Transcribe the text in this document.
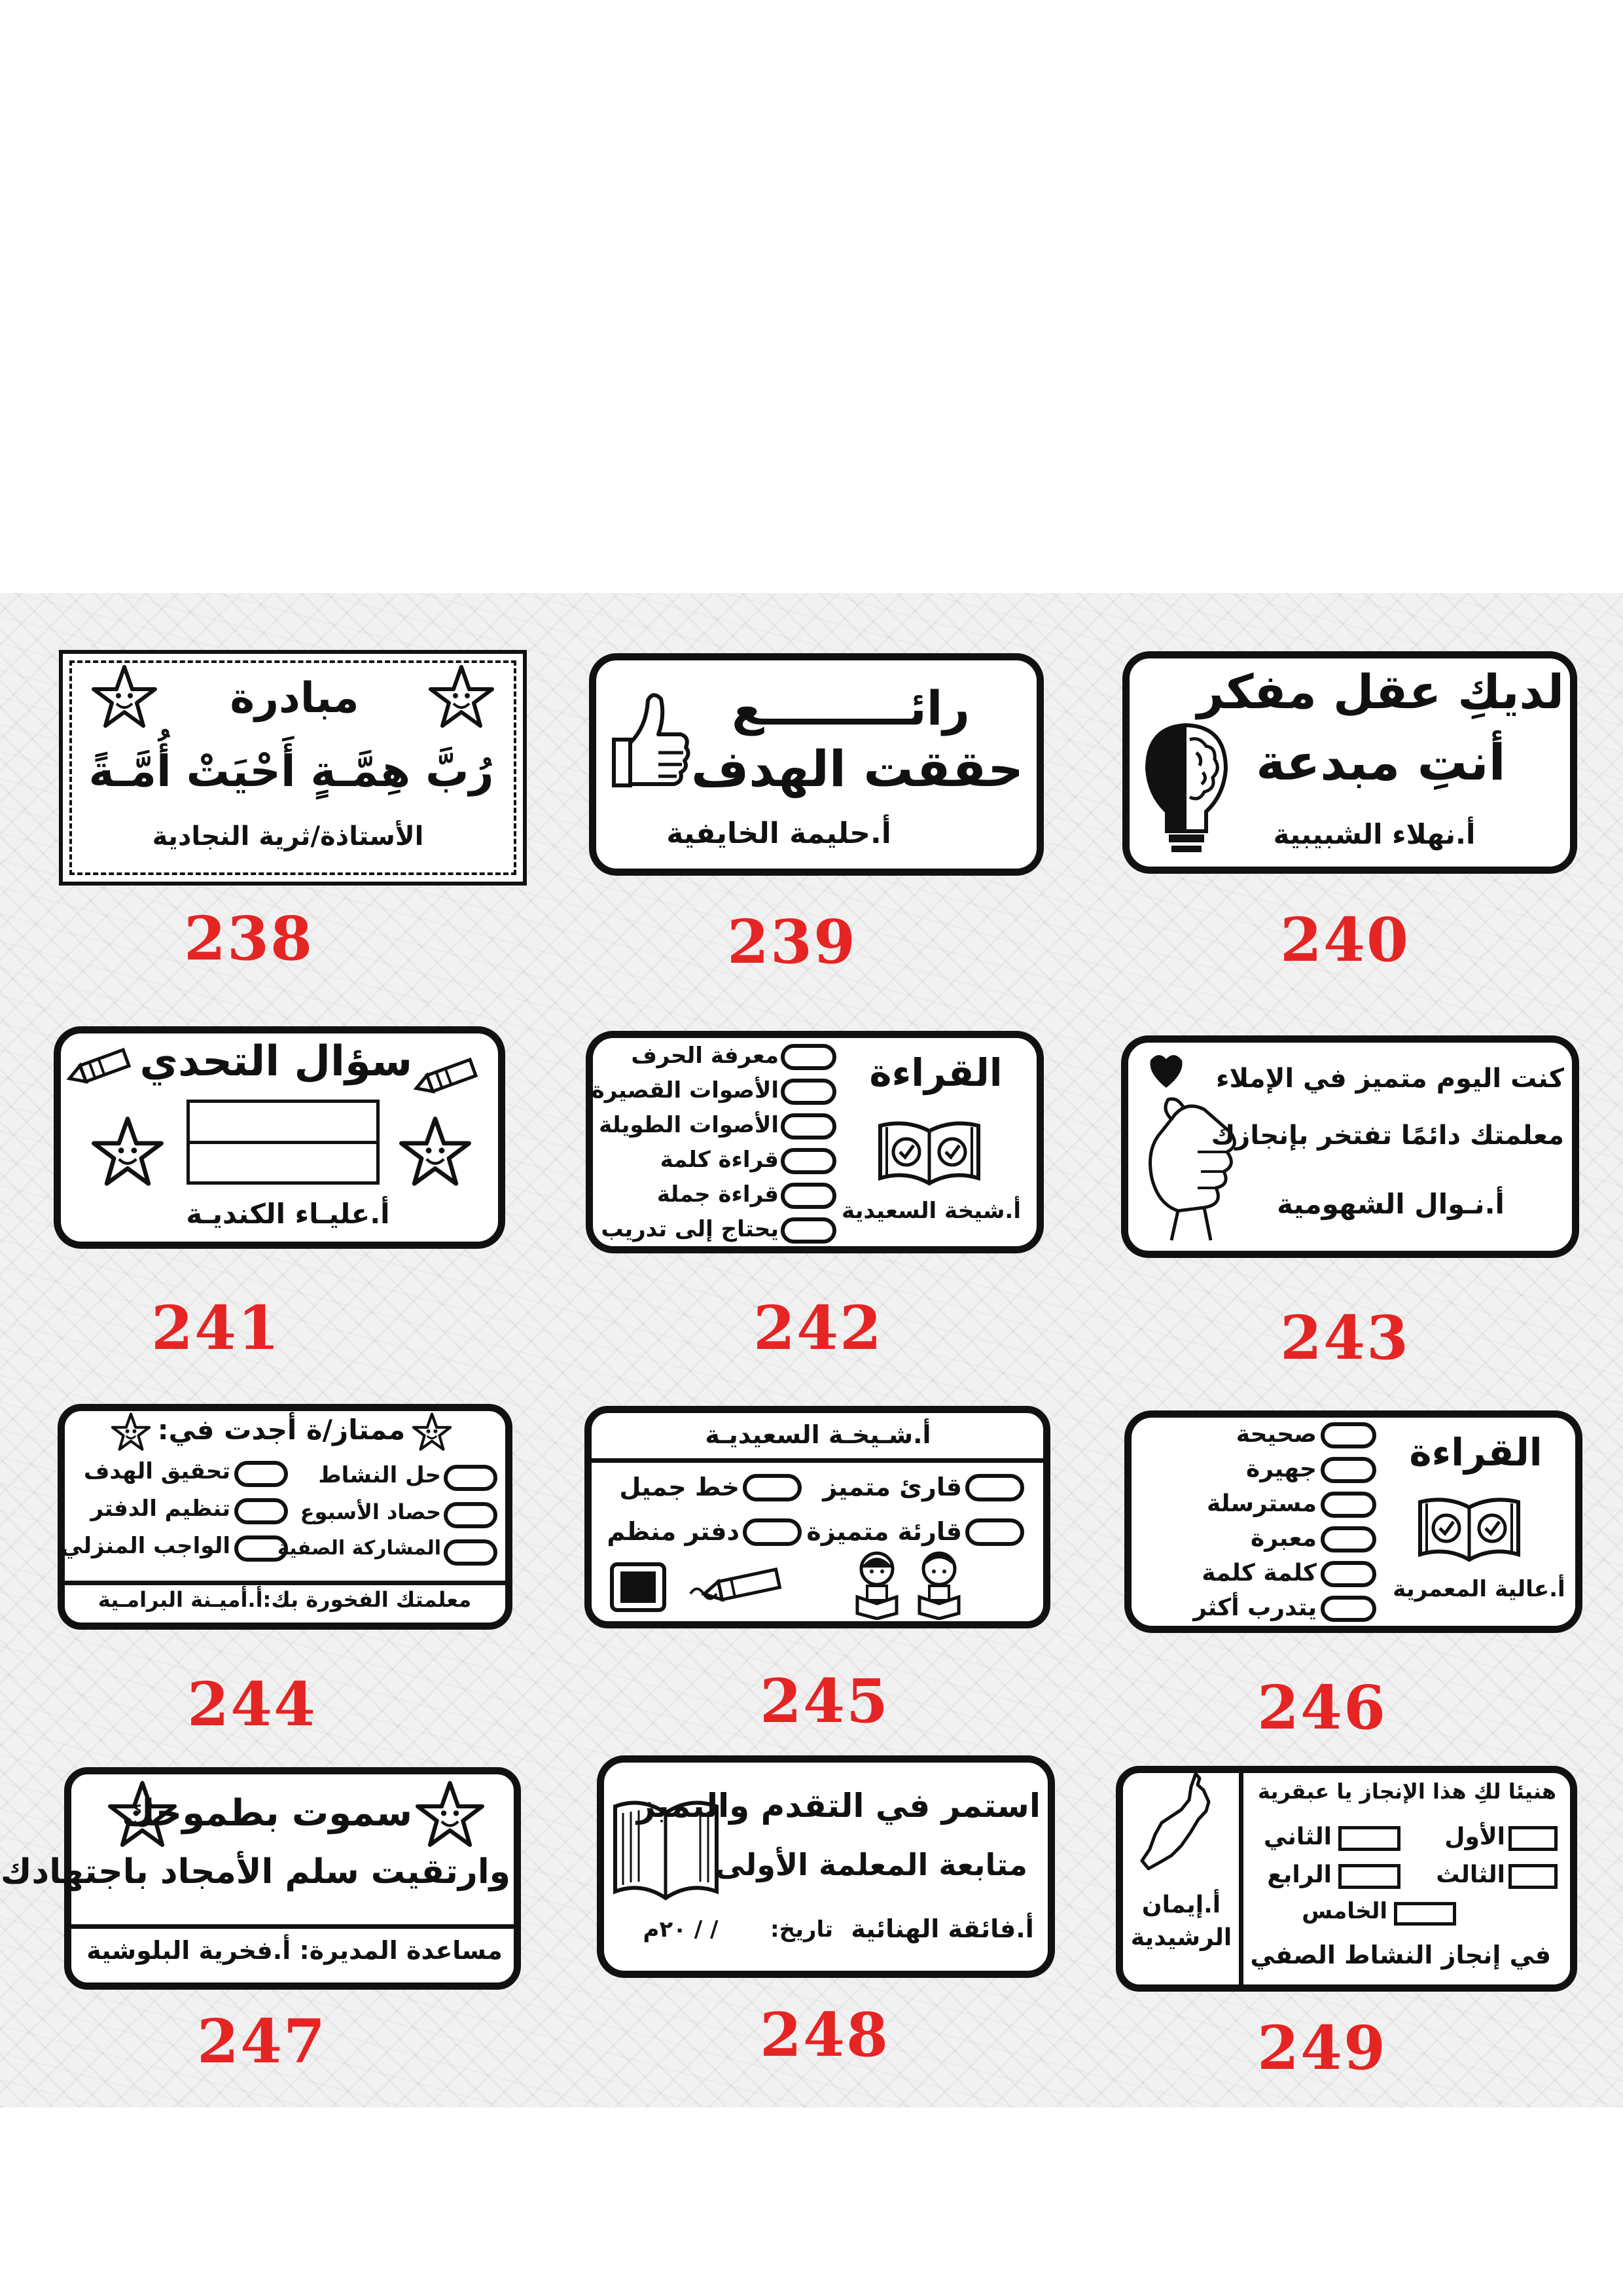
مبادرة
رُبَّ هِمَّـةٍ أَحْيَتْ أُمَّـةً
الأستاذة/ثرية النجادية
238
رائـــــــــع
حققت الهدف
أ.حليمة الخايفية
239
لديكِ عقل مفكر
أنتِ مبدعة
أ.نهلاء الشبيبية
240
سؤال التحدي
أ.عليـاء الكنديـة
241
القراءة
أ.شيخة السعيدية
معرفة الحرف
الأصوات القصيرة
الأصوات الطويلة
قراءة كلمة
قراءة جملة
يحتاج إلى تدريب
242
كنت اليوم متميز في الإملاء
معلمتك دائمًا تفتخر بإنجازك
أ.نـوال الشهومية
243
ممتاز/ة أجدت في:
حل النشاط
حصاد الأسبوع
المشاركة الصفية
تحقيق الهدف
تنظيم الدفتر
الواجب المنزلي
معلمتك الفخورة بك:أ.أميـنة البرامـية
244
أ.شـيخـة السعيديـة
قارئ متميز
قارئة متميزة
خط جميل
دفتر منظم
245
القراءة
أ.عالية المعمرية
صحيحة
جهيرة
مسترسلة
معبرة
كلمة كلمة
يتدرب أكثر
246
سموت بطموحك
وارتقيت سلم الأمجاد باجتهادك
مساعدة المديرة: أ.فخرية البلوشية
247
استمر في التقدم والتميز
متابعة المعلمة الأولى
أ.فائقة الهنائية
تاريخ:
/ / ٢٠م
248
أ.إيمان
الرشيدية
هنيئا لكِ هذا الإنجاز يا عبقرية
الأول
الثاني
الثالث
الرابع
الخامس
في إنجاز النشاط الصفي
249
